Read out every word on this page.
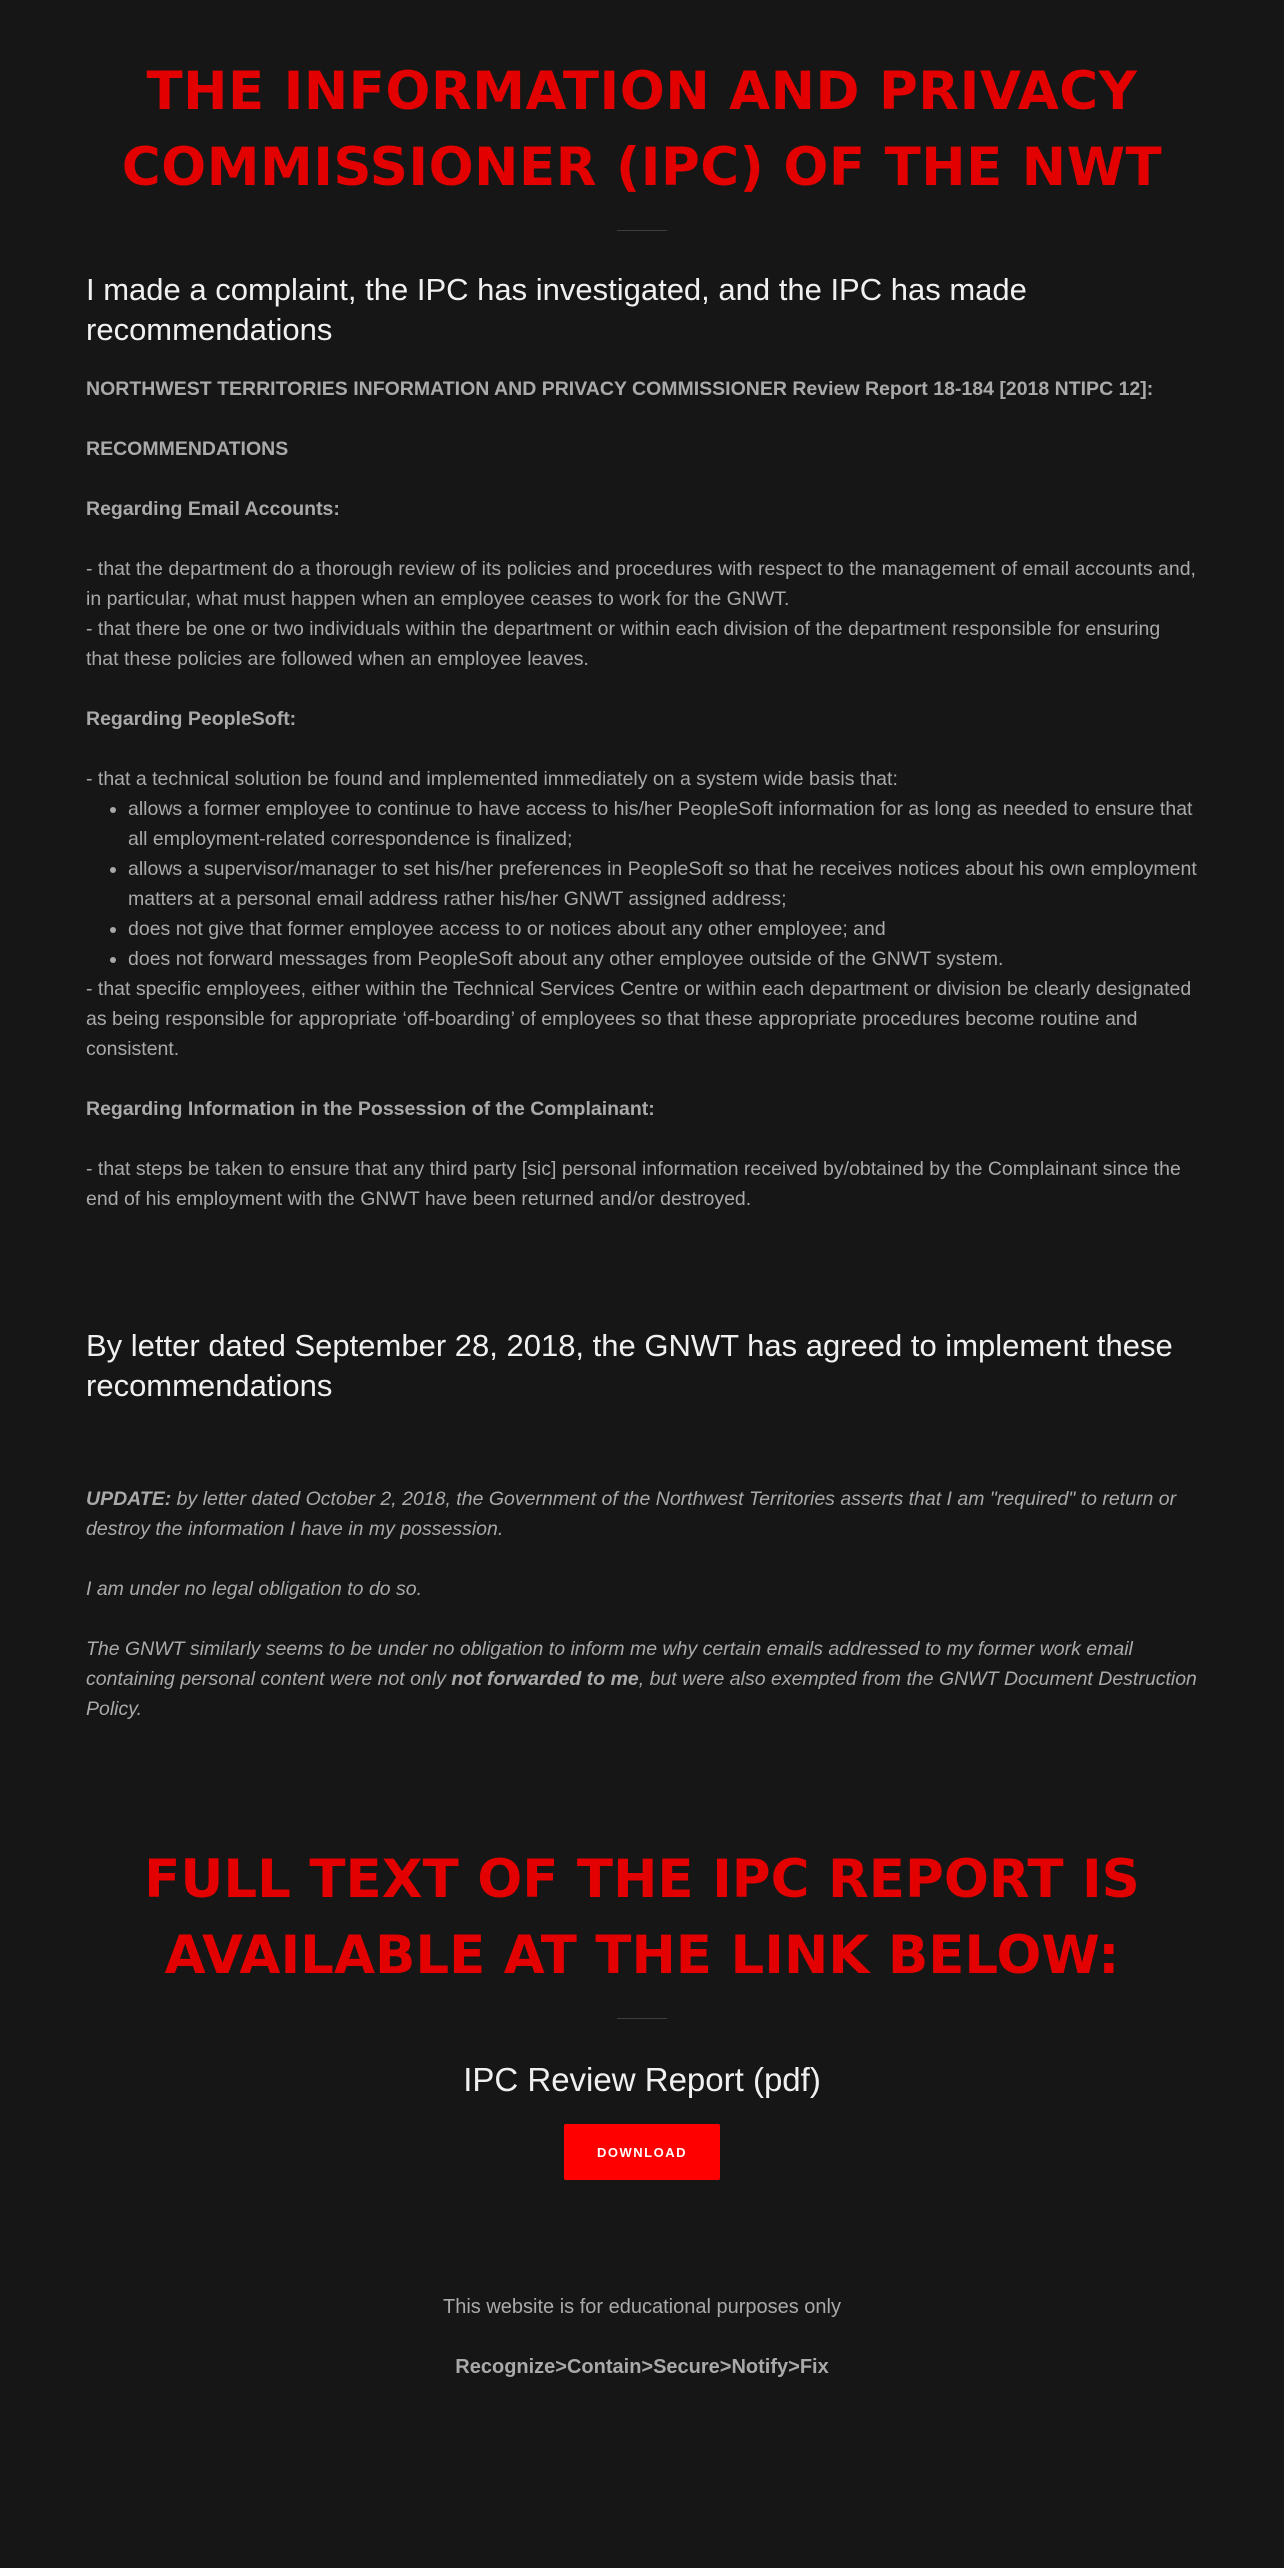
THE INFORMATION AND PRIVACY COMMISSIONER (IPC) OF THE NWT
I made a complaint, the IPC has investigated, and the IPC has made recommendations

NORTHWEST TERRITORIES INFORMATION AND PRIVACY COMMISSIONER Review Report 18-184 [2018 NTIPC 12]:

RECOMMENDATIONS

Regarding Email Accounts:

- that the department do a thorough review of its policies and procedures with respect to the management of email accounts and, in particular, what must happen when an employee ceases to work for the GNWT.

- that there be one or two individuals within the department or within each division of the department responsible for ensuring that these policies are followed when an employee leaves.

Regarding PeopleSoft:

- that a technical solution be found and implemented immediately on a system wide basis that:

• allows a former employee to continue to have access to his/her PeopleSoft information for as long as needed to ensure that all employment-related correspondence is finalized;
• allows a supervisor/manager to set his/her preferences in PeopleSoft so that he receives notices about his own employment matters at a personal email address rather his/her GNWT assigned address;
• does not give that former employee access to or notices about any other employee; and
• does not forward messages from PeopleSoft about any other employee outside of the GNWT system.

- that specific employees, either within the Technical Services Centre or within each department or division be clearly designated as being responsible for appropriate ‘off-boarding’ of employees so that these appropriate procedures become routine and consistent.

Regarding Information in the Possession of the Complainant:

- that steps be taken to ensure that any third party [sic] personal information received by/obtained by the Complainant since the end of his employment with the GNWT have been returned and/or destroyed.

By letter dated September 28, 2018, the GNWT has agreed to implement these recommendations

UPDATE: by letter dated October 2, 2018, the Government of the Northwest Territories asserts that I am "required" to return or destroy the information I have in my possession.

I am under no legal obligation to do so.

The GNWT similarly seems to be under no obligation to inform me why certain emails addressed to my former work email containing personal content were not only not forwarded to me, but were also exempted from the GNWT Document Destruction Policy.

FULL TEXT OF THE IPC REPORT IS AVAILABLE AT THE LINK BELOW:
IPC Review Report (pdf)
DOWNLOAD

This website is for educational purposes only

Recognize>Contain>Secure>Notify>Fix
